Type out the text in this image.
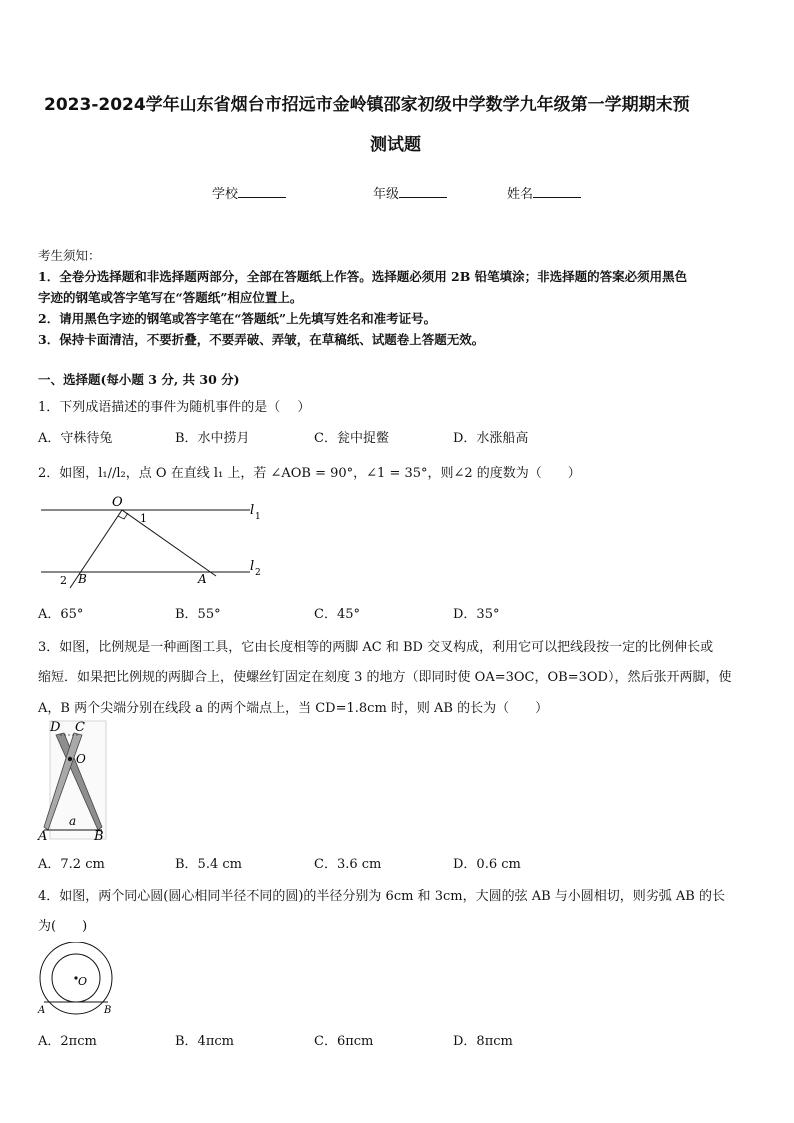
2023-2024学年山东省烟台市招远市金岭镇邵家初级中学数学九年级第一学期期末预
测试题
学校	年级	姓名
考生须知：
1．全卷分选择题和非选择题两部分，全部在答题纸上作答。选择题必须用 2B 铅笔填涂；非选择题的答案必须用黑色
字迹的钢笔或答字笔写在“答题纸”相应位置上。
2．请用黑色字迹的钢笔或答字笔在“答题纸”上先填写姓名和准考证号。
3．保持卡面清洁，不要折叠，不要弄破、弄皱，在草稿纸、试题卷上答题无效。
一、选择题(每小题 3 分, 共 30 分)
1．下列成语描述的事件为随机事件的是（　 ）
A．守株待兔	B．水中捞月	C．瓮中捉鳖	D．水涨船高
2．如图，l₁//l₂，点 O 在直线 l₁ 上，若 ∠AOB = 90°，∠1 = 35°，则∠2 的度数为（　　）
O
1
2 B	A
l 1
l 2
A．65°	B．55°	C．45°	D．35°
3．如图，比例规是一种画图工具，它由长度相等的两脚 AC 和 BD 交叉构成，利用它可以把线段按一定的比例伸长或
缩短．如果把比例规的两脚合上，使螺丝钉固定在刻度 3 的地方（即同时使 OA=3OC，OB=3OD），然后张开两脚，使
A，B 两个尖端分别在线段 a 的两个端点上，当 CD=1.8cm 时，则 AB 的长为（　　）
D C
O
A
a
B
A．7.2 cm	B．5.4 cm	C．3.6 cm	D．0.6 cm
4．如图，两个同心圆(圆心相同半径不同的圆)的半径分别为 6cm 和 3cm，大圆的弦 AB 与小圆相切，则劣弧 AB 的长
为(　　)
O
A	B
A．2πcm	B．4πcm	C．6πcm	D．8πcm
